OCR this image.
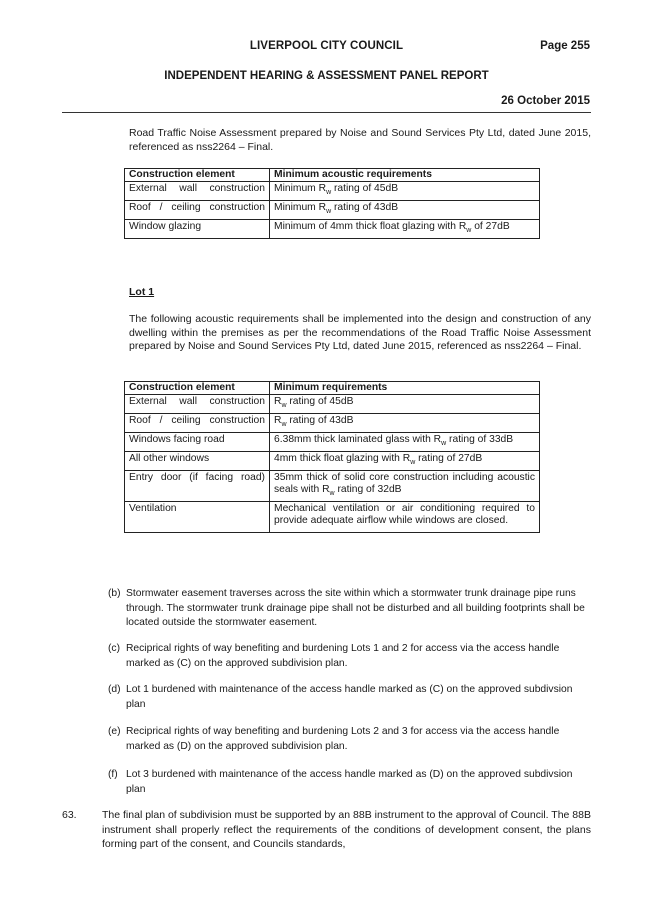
LIVERPOOL CITY COUNCIL	Page 255
INDEPENDENT HEARING & ASSESSMENT PANEL REPORT
26 October 2015
Road Traffic Noise Assessment prepared by Noise and Sound Services Pty Ltd, dated June 2015, referenced as nss2264 – Final.
Construction element	Minimum acoustic requirements
External wall construction	Minimum $R_w$ rating of 45dB
Roof / ceiling construction	Minimum $R_w$ rating of 43dB
Window glazing	Minimum of 4mm thick float glazing with $R_w$ of 27dB
Lot 1
The following acoustic requirements shall be implemented into the design and construction of any dwelling within the premises as per the recommendations of the Road Traffic Noise Assessment prepared by Noise and Sound Services Pty Ltd, dated June 2015, referenced as nss2264 – Final.
Construction element	Minimum requirements
External wall construction	$R_w$ rating of 45dB
Roof / ceiling construction	$R_w$ rating of 43dB
Windows facing road	6.38mm thick laminated glass with $R_w$ rating of 33dB
All other windows	4mm thick float glazing with $R_w$ rating of 27dB
Entry door (if facing road)	35mm thick of solid core construction including acoustic seals with $R_w$ rating of 32dB
Ventilation	Mechanical ventilation or air conditioning required to provide adequate airflow while windows are closed.
(b) Stormwater easement traverses across the site within which a stormwater trunk drainage pipe runs through. The stormwater trunk drainage pipe shall not be disturbed and all building footprints shall be located outside the stormwater easement.
(c) Reciprical rights of way benefiting and burdening Lots 1 and 2 for access via the access handle marked as (C) on the approved subdivision plan.
(d) Lot 1 burdened with maintenance of the access handle marked as (C) on the approved subdivsion plan
(e) Reciprical rights of way benefiting and burdening Lots 2 and 3 for access via the access handle marked as (D) on the approved subdivision plan.
(f) Lot 3 burdened with maintenance of the access handle marked as (D) on the approved subdivsion plan
63. The final plan of subdivision must be supported by an 88B instrument to the approval of Council. The 88B instrument shall properly reflect the requirements of the conditions of development consent, the plans forming part of the consent, and Councils standards,
